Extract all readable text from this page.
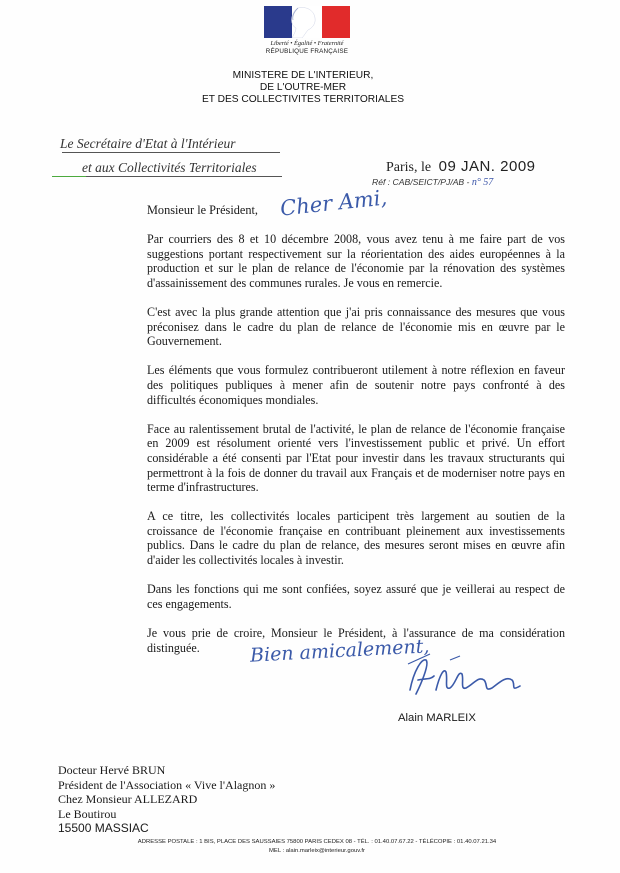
Liberté • Égalité • Fraternité
RÉPUBLIQUE FRANÇAISE
MINISTERE DE L'INTERIEUR,
DE L'OUTRE-MER
ET DES COLLECTIVITES TERRITORIALES
Le Secrétaire d'Etat à l'Intérieur
et aux Collectivités Territoriales	Paris, le 09 JAN. 2009
Réf : CAB/SEICT/PJ/AB - n° 57
Monsieur le Président, Cher Ami,

Par courriers des 8 et 10 décembre 2008, vous avez tenu à me faire part de vos suggestions portant respectivement sur la réorientation des aides européennes à la production et sur le plan de relance de l'économie par la rénovation des systèmes d'assainissement des communes rurales. Je vous en remercie.

C'est avec la plus grande attention que j'ai pris connaissance des mesures que vous préconisez dans le cadre du plan de relance de l'économie mis en œuvre par le Gouvernement.

Les éléments que vous formulez contribueront utilement à notre réflexion en faveur des politiques publiques à mener afin de soutenir notre pays confronté à des difficultés économiques mondiales.

Face au ralentissement brutal de l'activité, le plan de relance de l'économie française en 2009 est résolument orienté vers l'investissement public et privé. Un effort considérable a été consenti par l'Etat pour investir dans les travaux structurants qui permettront à la fois de donner du travail aux Français et de moderniser notre pays en terme d'infrastructures.

A ce titre, les collectivités locales participent très largement au soutien de la croissance de l'économie française en contribuant pleinement aux investissements publics. Dans le cadre du plan de relance, des mesures seront mises en œuvre afin d'aider les collectivités locales à investir.

Dans les fonctions qui me sont confiées, soyez assuré que je veillerai au respect de ces engagements.

Je vous prie de croire, Monsieur le Président, à l'assurance de ma considération distinguée.	Bien amicalement,
Alain MARLEIX
Docteur Hervé BRUN
Président de l'Association « Vive l'Alagnon »
Chez Monsieur ALLEZARD
Le Boutirou
15500 MASSIAC
ADRESSE POSTALE : 1 BIS, PLACE DES SAUSSAIES 75800 PARIS CEDEX 08 - TÉL. : 01.40.07.67.22 - TÉLÉCOPIE : 01.40.07.21.34
MEL : alain.marleix@interieur.gouv.fr
